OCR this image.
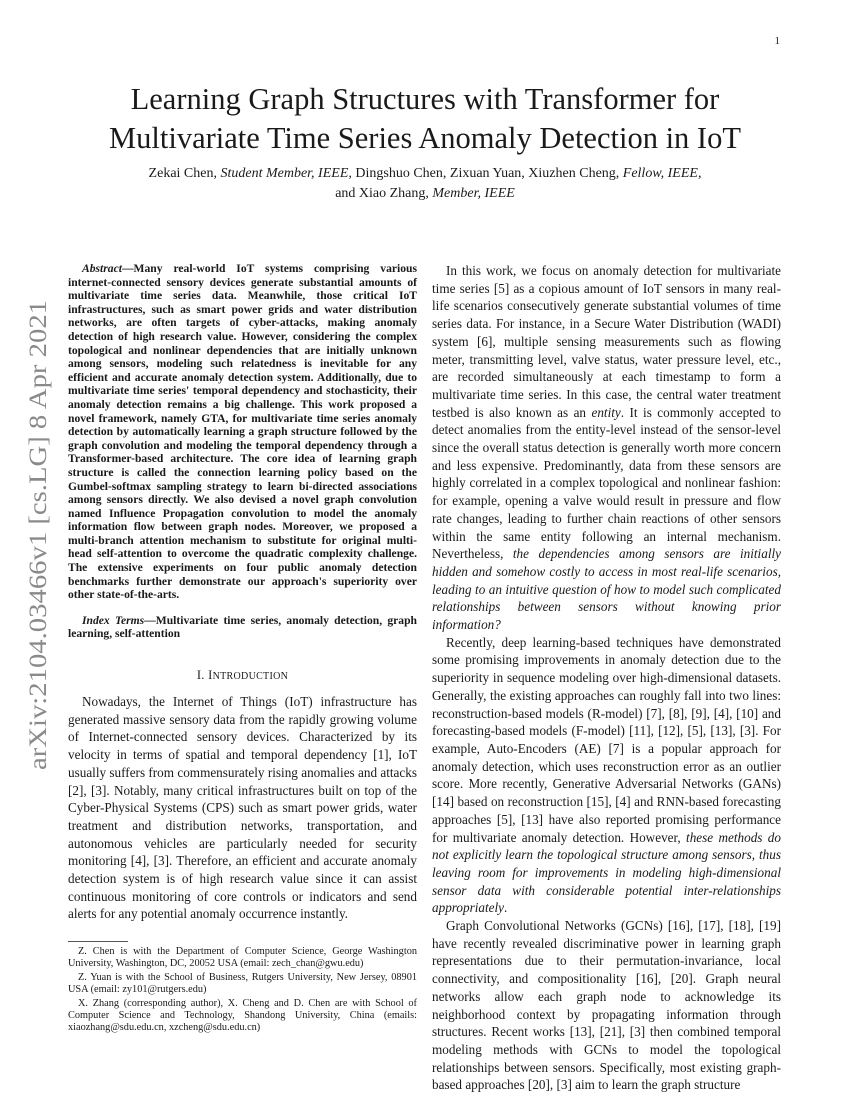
1
arXiv:2104.03466v1 [cs.LG] 8 Apr 2021
Learning Graph Structures with Transformer for
Multivariate Time Series Anomaly Detection in IoT
Zekai Chen, Student Member, IEEE, Dingshuo Chen, Zixuan Yuan, Xiuzhen Cheng, Fellow, IEEE,
and Xiao Zhang, Member, IEEE

Abstract—Many real-world IoT systems comprising various internet-connected sensory devices generate substantial amounts of multivariate time series data. Meanwhile, those critical IoT infrastructures, such as smart power grids and water distribution networks, are often targets of cyber-attacks, making anomaly detection of high research value. However, considering the complex topological and nonlinear dependencies that are initially unknown among sensors, modeling such relatedness is inevitable for any efficient and accurate anomaly detection system. Additionally, due to multivariate time series' temporal dependency and stochasticity, their anomaly detection remains a big challenge. This work proposed a novel framework, namely GTA, for multivariate time series anomaly detection by automatically learning a graph structure followed by the graph convolution and modeling the temporal dependency through a Transformer-based architecture. The core idea of learning graph structure is called the connection learning policy based on the Gumbel-softmax sampling strategy to learn bi-directed associations among sensors directly. We also devised a novel graph convolution named Influence Propagation convolution to model the anomaly information flow between graph nodes. Moreover, we proposed a multi-branch attention mechanism to substitute for original multi-head self-attention to overcome the quadratic complexity challenge. The extensive experiments on four public anomaly detection benchmarks further demonstrate our approach's superiority over other state-of-the-arts.

Index Terms—Multivariate time series, anomaly detection, graph learning, self-attention

I. INTRODUCTION

Nowadays, the Internet of Things (IoT) infrastructure has generated massive sensory data from the rapidly growing volume of Internet-connected sensory devices. Characterized by its velocity in terms of spatial and temporal dependency [1], IoT usually suffers from commensurately rising anomalies and attacks [2], [3]. Notably, many critical infrastructures built on top of the Cyber-Physical Systems (CPS) such as smart power grids, water treatment and distribution networks, transportation, and autonomous vehicles are particularly needed for security monitoring [4], [3]. Therefore, an efficient and accurate anomaly detection system is of high research value since it can assist continuous monitoring of core controls or indicators and send alerts for any potential anomaly occurrence instantly.

Z. Chen is with the Department of Computer Science, George Washington University, Washington, DC, 20052 USA (email: zech_chan@gwu.edu)

Z. Yuan is with the School of Business, Rutgers University, New Jersey, 08901 USA (email: zy101@rutgers.edu)

X. Zhang (corresponding author), X. Cheng and D. Chen are with School of Computer Science and Technology, Shandong University, China (emails: xiaozhang@sdu.edu.cn, xzcheng@sdu.edu.cn)

In this work, we focus on anomaly detection for multivariate time series [5] as a copious amount of IoT sensors in many real-life scenarios consecutively generate substantial volumes of time series data. For instance, in a Secure Water Distribution (WADI) system [6], multiple sensing measurements such as flowing meter, transmitting level, valve status, water pressure level, etc., are recorded simultaneously at each timestamp to form a multivariate time series. In this case, the central water treatment testbed is also known as an entity. It is commonly accepted to detect anomalies from the entity-level instead of the sensor-level since the overall status detection is generally worth more concern and less expensive. Predominantly, data from these sensors are highly correlated in a complex topological and nonlinear fashion: for example, opening a valve would result in pressure and flow rate changes, leading to further chain reactions of other sensors within the same entity following an internal mechanism. Nevertheless, the dependencies among sensors are initially hidden and somehow costly to access in most real-life scenarios, leading to an intuitive question of how to model such complicated relationships between sensors without knowing prior information?

Recently, deep learning-based techniques have demonstrated some promising improvements in anomaly detection due to the superiority in sequence modeling over high-dimensional datasets. Generally, the existing approaches can roughly fall into two lines: reconstruction-based models (R-model) [7], [8], [9], [4], [10] and forecasting-based models (F-model) [11], [12], [5], [13], [3]. For example, Auto-Encoders (AE) [7] is a popular approach for anomaly detection, which uses reconstruction error as an outlier score. More recently, Generative Adversarial Networks (GANs) [14] based on reconstruction [15], [4] and RNN-based forecasting approaches [5], [13] have also reported promising performance for multivariate anomaly detection. However, these methods do not explicitly learn the topological structure among sensors, thus leaving room for improvements in modeling high-dimensional sensor data with considerable potential inter-relationships appropriately.

Graph Convolutional Networks (GCNs) [16], [17], [18], [19] have recently revealed discriminative power in learning graph representations due to their permutation-invariance, local connectivity, and compositionality [16], [20]. Graph neural networks allow each graph node to acknowledge its neighborhood context by propagating information through structures. Recent works [13], [21], [3] then combined temporal modeling methods with GCNs to model the topological relationships between sensors. Specifically, most existing graph-based approaches [20], [3] aim to learn the graph structure
